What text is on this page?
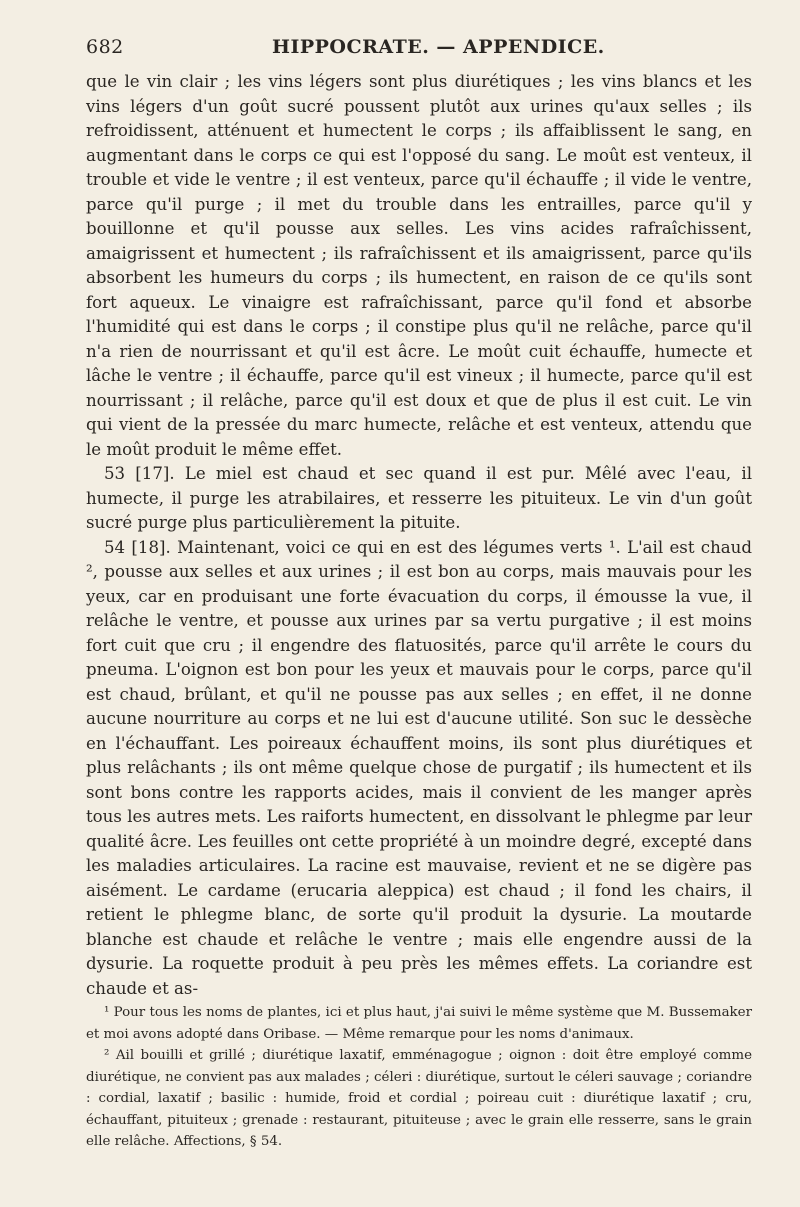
682	HIPPOCRATE. — APPENDICE.

que le vin clair ; les vins légers sont plus diurétiques ; les vins blancs et les vins légers d'un goût sucré poussent plutôt aux urines qu'aux selles ; ils refroidissent, atténuent et humectent le corps ; ils affaiblissent le sang, en augmentant dans le corps ce qui est l'opposé du sang. Le moût est venteux, il trouble et vide le ventre ; il est venteux, parce qu'il échauffe ; il vide le ventre, parce qu'il purge ; il met du trouble dans les entrailles, parce qu'il y bouillonne et qu'il pousse aux selles. Les vins acides rafraîchissent, amaigrissent et humectent ; ils rafraîchissent et ils amaigrissent, parce qu'ils absorbent les humeurs du corps ; ils humectent, en raison de ce qu'ils sont fort aqueux. Le vinaigre est rafraîchissant, parce qu'il fond et absorbe l'humidité qui est dans le corps ; il constipe plus qu'il ne relâche, parce qu'il n'a rien de nourrissant et qu'il est âcre. Le moût cuit échauffe, humecte et lâche le ventre ; il échauffe, parce qu'il est vineux ; il humecte, parce qu'il est nourrissant ; il relâche, parce qu'il est doux et que de plus il est cuit. Le vin qui vient de la pressée du marc humecte, relâche et est venteux, attendu que le moût produit le même effet.

53 [17]. Le miel est chaud et sec quand il est pur. Mêlé avec l'eau, il humecte, il purge les atrabilaires, et resserre les pituiteux. Le vin d'un goût sucré purge plus particulièrement la pituite.

54 [18]. Maintenant, voici ce qui en est des légumes verts ¹. L'ail est chaud ², pousse aux selles et aux urines ; il est bon au corps, mais mauvais pour les yeux, car en produisant une forte évacuation du corps, il émousse la vue, il relâche le ventre, et pousse aux urines par sa vertu purgative ; il est moins fort cuit que cru ; il engendre des flatuosités, parce qu'il arrête le cours du pneuma. L'oignon est bon pour les yeux et mauvais pour le corps, parce qu'il est chaud, brûlant, et qu'il ne pousse pas aux selles ; en effet, il ne donne aucune nourriture au corps et ne lui est d'aucune utilité. Son suc le dessèche en l'échauffant. Les poireaux échauffent moins, ils sont plus diurétiques et plus relâchants ; ils ont même quelque chose de purgatif ; ils humectent et ils sont bons contre les rapports acides, mais il convient de les manger après tous les autres mets. Les raiforts humectent, en dissolvant le phlegme par leur qualité âcre. Les feuilles ont cette propriété à un moindre degré, excepté dans les maladies articulaires. La racine est mauvaise, revient et ne se digère pas aisément. Le cardame (erucaria aleppica) est chaud ; il fond les chairs, il retient le phlegme blanc, de sorte qu'il produit la dysurie. La moutarde blanche est chaude et relâche le ventre ; mais elle engendre aussi de la dysurie. La roquette produit à peu près les mêmes effets. La coriandre est chaude et as-

¹ Pour tous les noms de plantes, ici et plus haut, j'ai suivi le même système que M. Bussemaker et moi avons adopté dans Oribase. — Même remarque pour les noms d'animaux.

² Ail bouilli et grillé ; diurétique laxatif, emménagogue ; oignon : doit être employé comme diurétique, ne convient pas aux malades ; céleri : diurétique, surtout le céleri sauvage ; coriandre : cordial, laxatif ; basilic : humide, froid et cordial ; poireau cuit : diurétique laxatif ; cru, échauffant, pituiteux ; grenade : restaurant, pituiteuse ; avec le grain elle resserre, sans le grain elle relâche. Affections, § 54.
